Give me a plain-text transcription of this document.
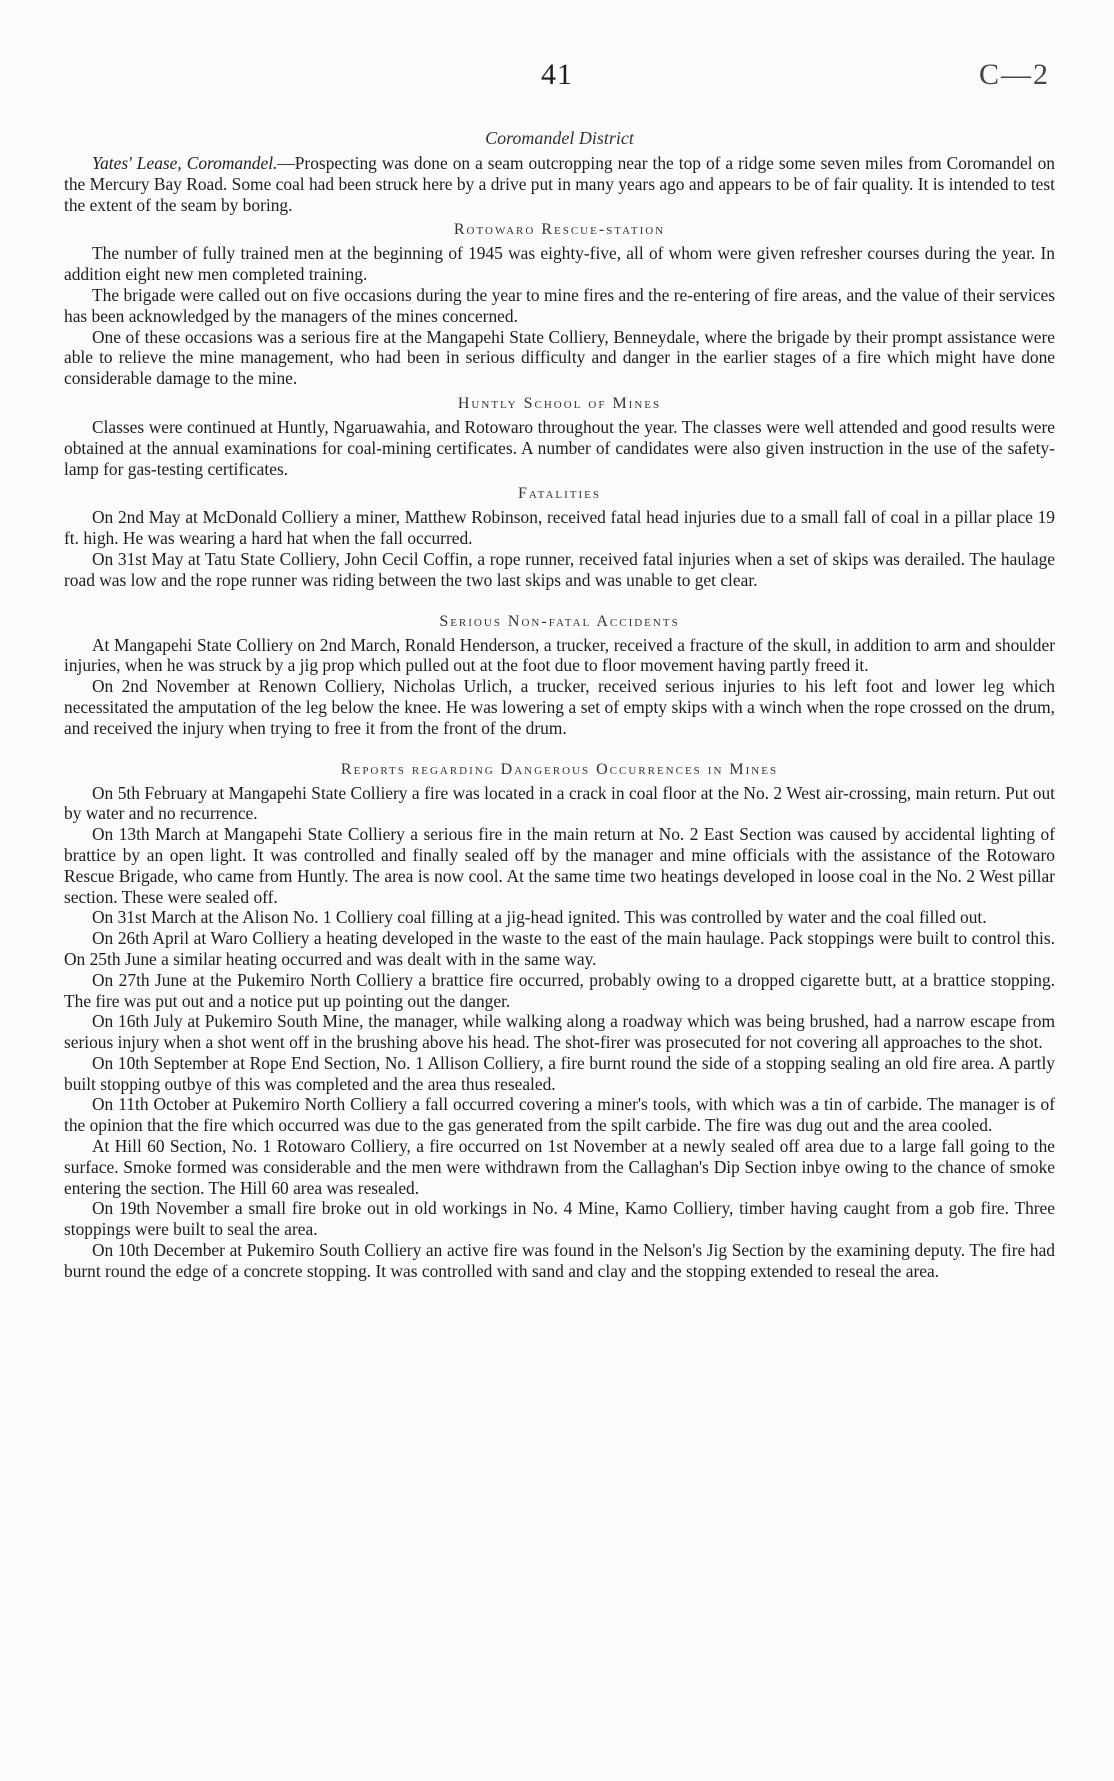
41	C—2
Coromandel District

Yates' Lease, Coromandel.—Prospecting was done on a seam outcropping near the top of a ridge some seven miles from Coromandel on the Mercury Bay Road. Some coal had been struck here by a drive put in many years ago and appears to be of fair quality. It is intended to test the extent of the seam by boring.

Rotowaro Rescue-station

The number of fully trained men at the beginning of 1945 was eighty-five, all of whom were given refresher courses during the year. In addition eight new men completed training.

The brigade were called out on five occasions during the year to mine fires and the re-entering of fire areas, and the value of their services has been acknowledged by the managers of the mines concerned.

One of these occasions was a serious fire at the Mangapehi State Colliery, Benneydale, where the brigade by their prompt assistance were able to relieve the mine management, who had been in serious difficulty and danger in the earlier stages of a fire which might have done considerable damage to the mine.

Huntly School of Mines

Classes were continued at Huntly, Ngaruawahia, and Rotowaro throughout the year. The classes were well attended and good results were obtained at the annual examinations for coal-mining certificates. A number of candidates were also given instruction in the use of the safety-lamp for gas-testing certificates.

Fatalities

On 2nd May at McDonald Colliery a miner, Matthew Robinson, received fatal head injuries due to a small fall of coal in a pillar place 19 ft. high. He was wearing a hard hat when the fall occurred.

On 31st May at Tatu State Colliery, John Cecil Coffin, a rope runner, received fatal injuries when a set of skips was derailed. The haulage road was low and the rope runner was riding between the two last skips and was unable to get clear.

Serious Non-fatal Accidents

At Mangapehi State Colliery on 2nd March, Ronald Henderson, a trucker, received a fracture of the skull, in addition to arm and shoulder injuries, when he was struck by a jig prop which pulled out at the foot due to floor movement having partly freed it.

On 2nd November at Renown Colliery, Nicholas Urlich, a trucker, received serious injuries to his left foot and lower leg which necessitated the amputation of the leg below the knee. He was lowering a set of empty skips with a winch when the rope crossed on the drum, and received the injury when trying to free it from the front of the drum.

Reports regarding Dangerous Occurrences in Mines

On 5th February at Mangapehi State Colliery a fire was located in a crack in coal floor at the No. 2 West air-crossing, main return. Put out by water and no recurrence.

On 13th March at Mangapehi State Colliery a serious fire in the main return at No. 2 East Section was caused by accidental lighting of brattice by an open light. It was controlled and finally sealed off by the manager and mine officials with the assistance of the Rotowaro Rescue Brigade, who came from Huntly. The area is now cool. At the same time two heatings developed in loose coal in the No. 2 West pillar section. These were sealed off.

On 31st March at the Alison No. 1 Colliery coal filling at a jig-head ignited. This was controlled by water and the coal filled out.

On 26th April at Waro Colliery a heating developed in the waste to the east of the main haulage. Pack stoppings were built to control this. On 25th June a similar heating occurred and was dealt with in the same way.

On 27th June at the Pukemiro North Colliery a brattice fire occurred, probably owing to a dropped cigarette butt, at a brattice stopping. The fire was put out and a notice put up pointing out the danger.

On 16th July at Pukemiro South Mine, the manager, while walking along a roadway which was being brushed, had a narrow escape from serious injury when a shot went off in the brushing above his head. The shot-firer was prosecuted for not covering all approaches to the shot.

On 10th September at Rope End Section, No. 1 Allison Colliery, a fire burnt round the side of a stopping sealing an old fire area. A partly built stopping outbye of this was completed and the area thus resealed.

On 11th October at Pukemiro North Colliery a fall occurred covering a miner's tools, with which was a tin of carbide. The manager is of the opinion that the fire which occurred was due to the gas generated from the spilt carbide. The fire was dug out and the area cooled.

At Hill 60 Section, No. 1 Rotowaro Colliery, a fire occurred on 1st November at a newly sealed off area due to a large fall going to the surface. Smoke formed was considerable and the men were withdrawn from the Callaghan's Dip Section inbye owing to the chance of smoke entering the section. The Hill 60 area was resealed.

On 19th November a small fire broke out in old workings in No. 4 Mine, Kamo Colliery, timber having caught from a gob fire. Three stoppings were built to seal the area.

On 10th December at Pukemiro South Colliery an active fire was found in the Nelson's Jig Section by the examining deputy. The fire had burnt round the edge of a concrete stopping. It was controlled with sand and clay and the stopping extended to reseal the area.
